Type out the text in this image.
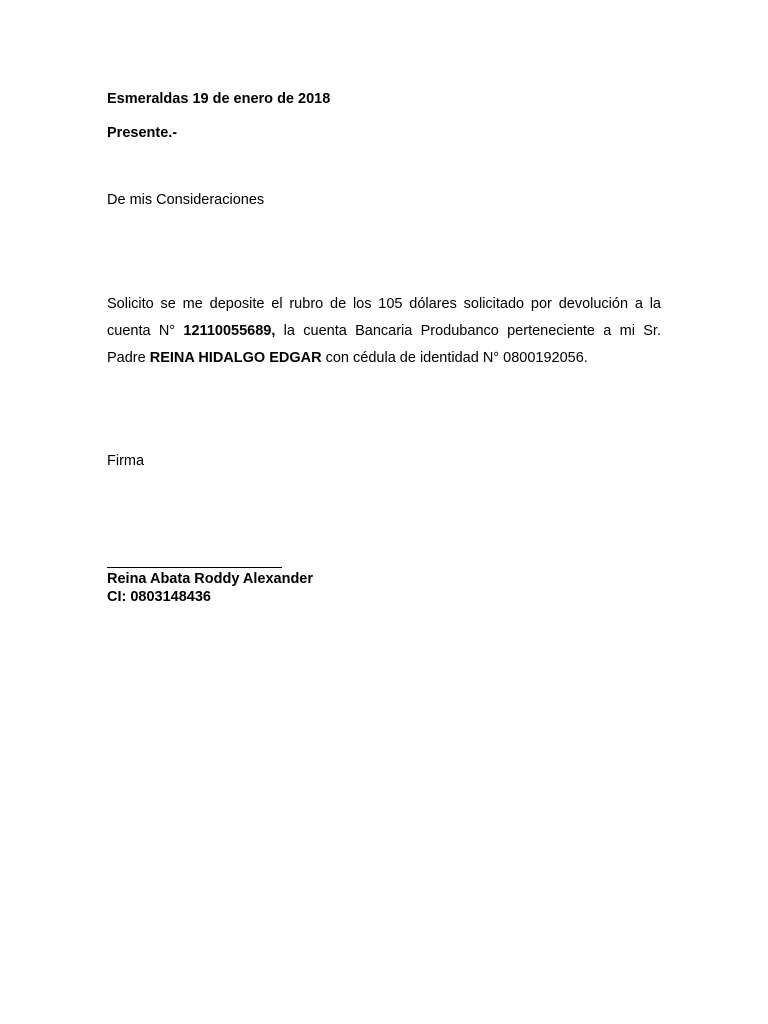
Esmeraldas 19 de enero de 2018
Presente.-
De mis Consideraciones
Solicito se me deposite el rubro de los 105 dólares solicitado por devolución a la
cuenta N° 12110055689, la cuenta Bancaria Produbanco perteneciente a mi Sr.
Padre REINA HIDALGO EDGAR con cédula de identidad N° 0800192056.
Firma
Reina Abata Roddy Alexander
CI: 0803148436
